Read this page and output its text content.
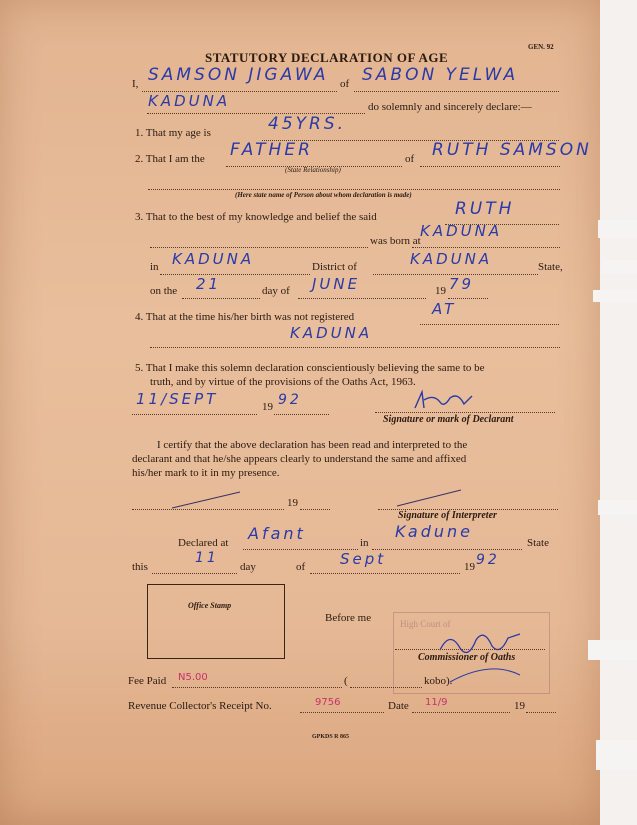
GEN. 92
STATUTORY DECLARATION OF AGE
I, SAMSON JIGAWA of SABON YELWA
KADUNA	do solemnly and sincerely declare:—
1. That my age is	45YRS.
2. That I am the FATHER	of RUTH SAMSON
(State Relationship)
(Here state name of Person about whom declaration is made)
3. That to the best of my knowledge and belief the said	RUTH
was born at
KADUNA
in KADUNA	District of	KADUNA	State,
on the 21	day of JUNE	19 79
4. That at the time his/her birth was not registered	AT
KADUNA
5. That I make this solemn declaration conscientiously believing the same to be
truth, and by virtue of the provisions of the Oaths Act, 1963.
11/SEPT	19 92
Signature or mark of Declarant
I certify that the above declaration has been read and interpreted to the
declarant and that he/she appears clearly to understand the same and affixed
his/her mark to it in my presence.
19
Signature of Interpreter
Declared at Afant	in
Kadune
State
this
11
day	of Sept	19 92
Office Stamp
Before me	High Court of
Commissioner of Oaths
Fee Paid N5.00	(	kobo).
Revenue Collector's Receipt No.	9756	Date 11/9	19
GPKDS R 865
